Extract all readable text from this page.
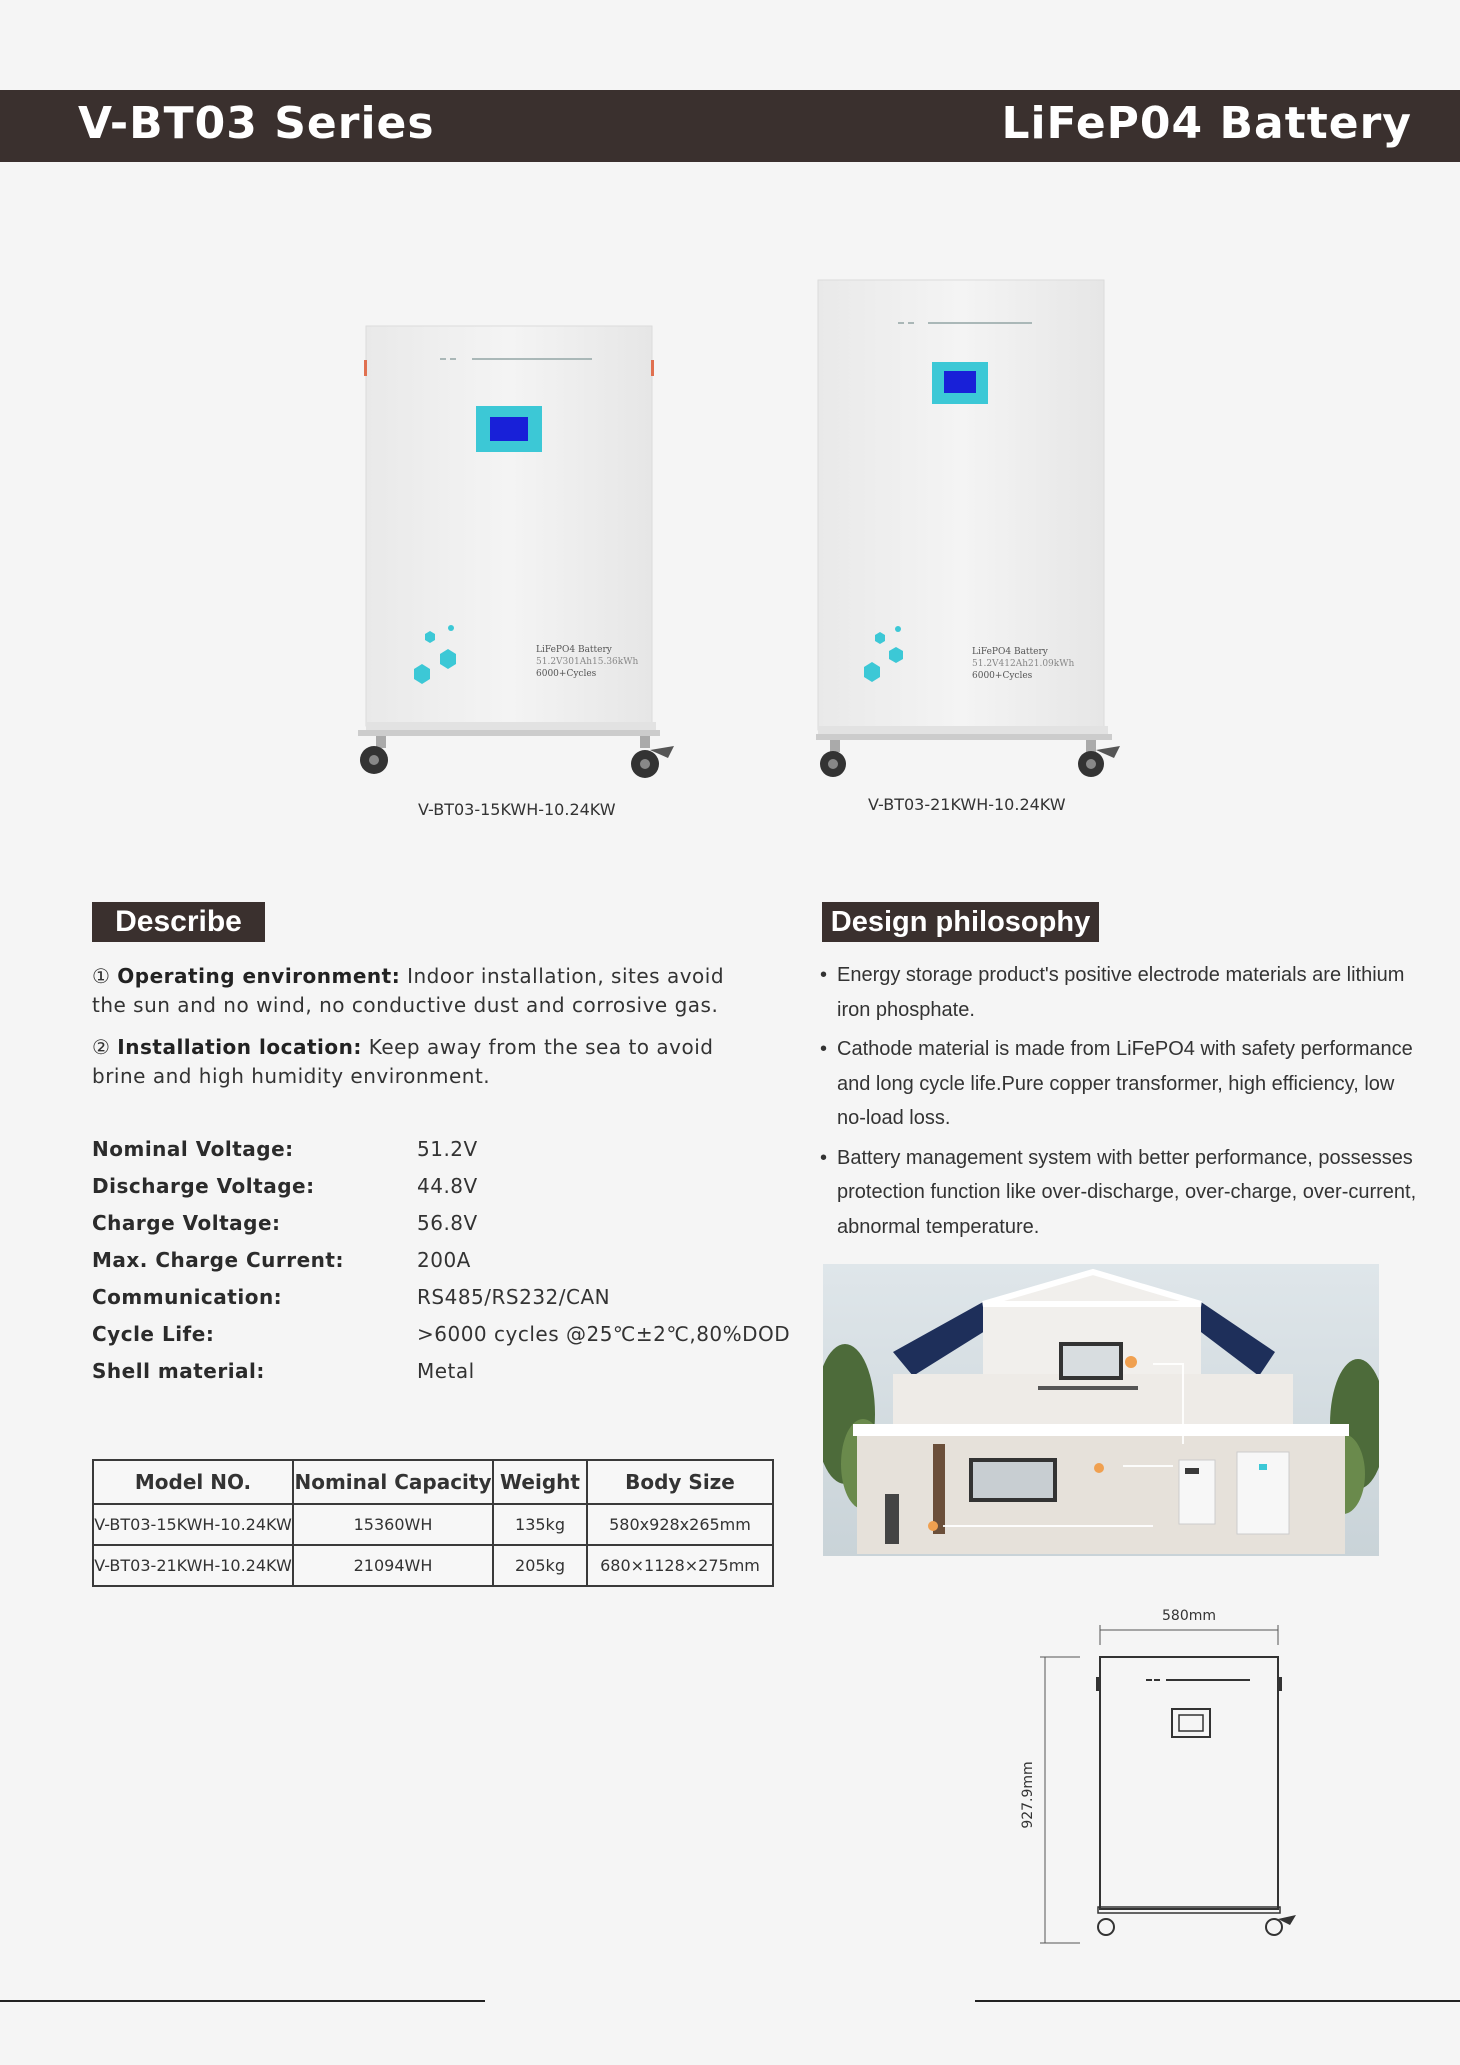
V-BT03 Series	LiFeP04 Battery
LiFePO4 Battery
51.2V301Ah15.36kWh
6000+Cycles
V-BT03-15KWH-10.24KW
LiFePO4 Battery
51.2V412Ah21.09kWh
6000+Cycles
V-BT03-21KWH-10.24KW
Describe
① Operating environment: Indoor installation, sites avoid the sun and no wind, no conductive dust and corrosive gas.
② Installation location: Keep away from the sea to avoid brine and high humidity environment.
Nominal Voltage:	51.2V
Discharge Voltage:	44.8V
Charge Voltage:	56.8V
Max. Charge Current:	200A
Communication:	RS485/RS232/CAN
Cycle Life:	>6000 cycles @25℃±2℃,80%DOD
Shell material:	Metal
Model NO.	Nominal Capacity	Weight	Body Size
V-BT03-15KWH-10.24KW	15360WH	135kg	580x928x265mm
V-BT03-21KWH-10.24KW	21094WH	205kg	680×1128×275mm
Design philosophy
• Energy storage product's positive electrode materials are lithium iron phosphate.
• Cathode material is made from LiFePO4 with safety performance and long cycle life.Pure copper transformer, high efficiency, low no-load loss.
• Battery management system with better performance, possesses protection function like over-discharge, over-charge, over-current, abnormal temperature.
580mm
927.9mm
